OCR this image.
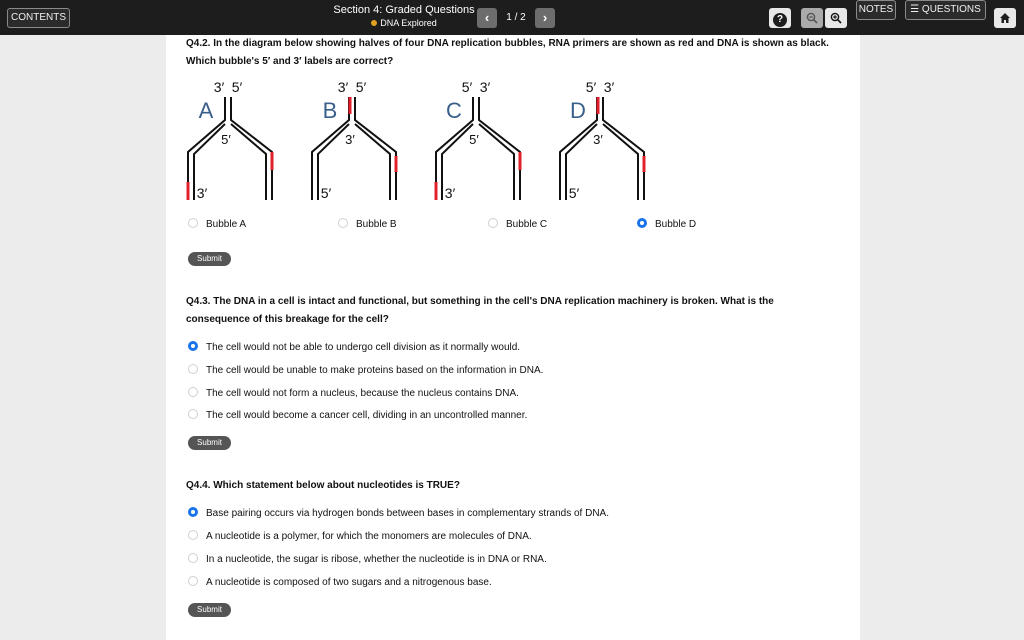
CONTENTS
Section 4: Graded Questions
DNA Explored	‹	1 / 2	›	?
NOTES	☰ QUESTIONS
Q4.2. In the diagram below showing halves of four DNA replication bubbles, RNA primers are shown as red and DNA is shown as black. Which bubble's 5′ and 3′ labels are correct?
A
3′ 5′
5′
3′
B
3′ 5′
3′
5′
C
5′ 3′
5′
3′
D
5′ 3′
3′
5′
Bubble A	Bubble B	Bubble C	Bubble D
Submit
Q4.3. The DNA in a cell is intact and functional, but something in the cell's DNA replication machinery is broken. What is the consequence of this breakage for the cell?
The cell would not be able to undergo cell division as it normally would.
The cell would be unable to make proteins based on the information in DNA.
The cell would not form a nucleus, because the nucleus contains DNA.
The cell would become a cancer cell, dividing in an uncontrolled manner.
Submit
Q4.4. Which statement below about nucleotides is TRUE?
Base pairing occurs via hydrogen bonds between bases in complementary strands of DNA.
A nucleotide is a polymer, for which the monomers are molecules of DNA.
In a nucleotide, the sugar is ribose, whether the nucleotide is in DNA or RNA.
A nucleotide is composed of two sugars and a nitrogenous base.
Submit
